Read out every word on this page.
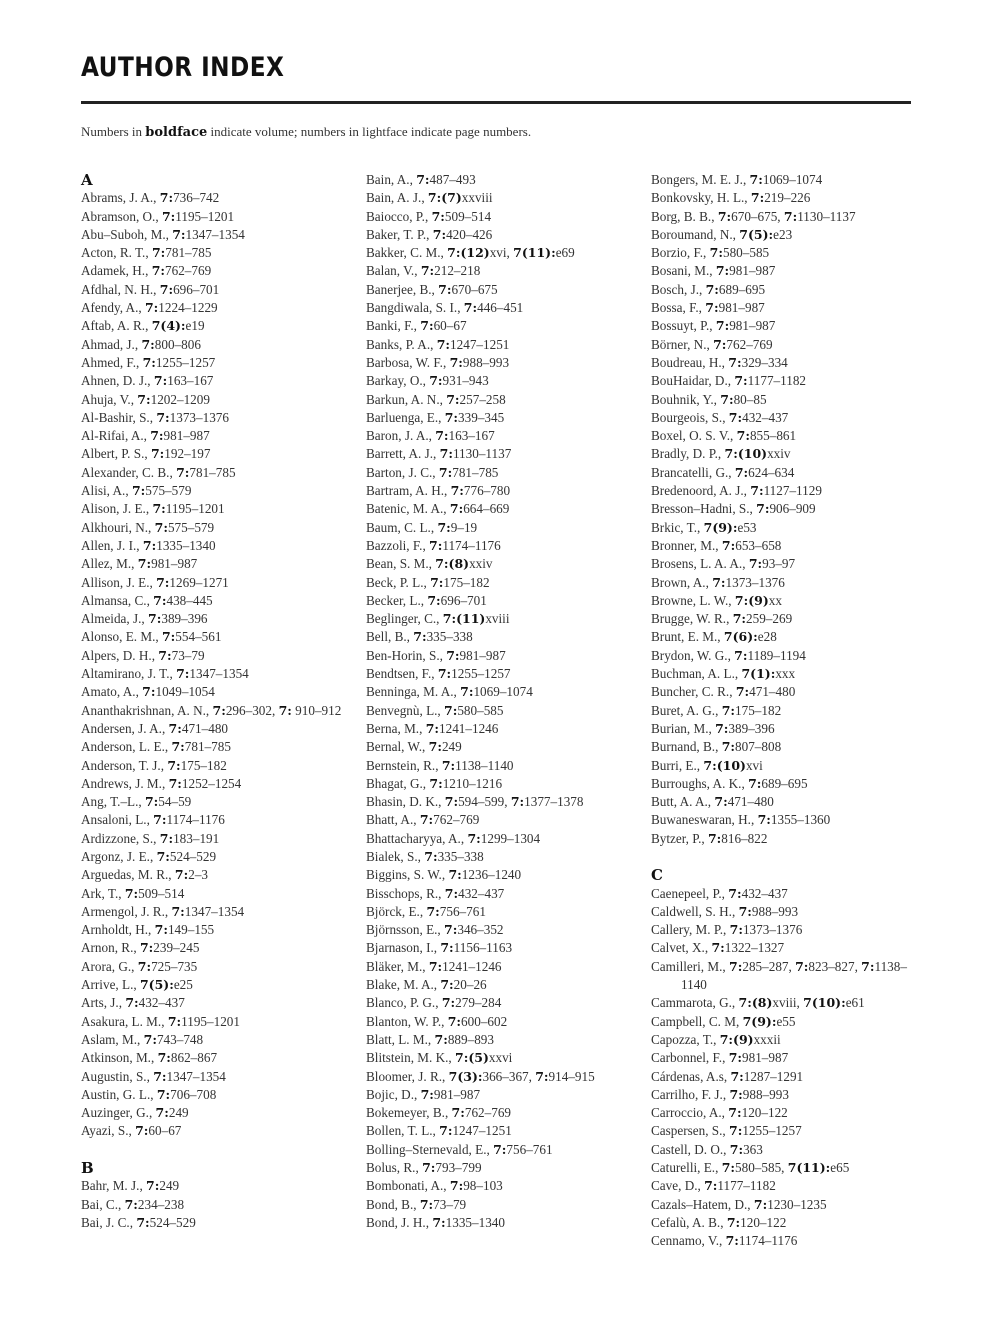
AUTHOR INDEX

Numbers in boldface indicate volume; numbers in lightface indicate page numbers.

A
Abrams, J. A., 7:736–742
Abramson, O., 7:1195–1201
Abu–Suboh, M., 7:1347–1354
Acton, R. T., 7:781–785
Adamek, H., 7:762–769
Afdhal, N. H., 7:696–701
Afendy, A., 7:1224–1229
Aftab, A. R., 7(4):e19
Ahmad, J., 7:800–806
Ahmed, F., 7:1255–1257
Ahnen, D. J., 7:163–167
Ahuja, V., 7:1202–1209
Al-Bashir, S., 7:1373–1376
Al-Rifai, A., 7:981–987
Albert, P. S., 7:192–197
Alexander, C. B., 7:781–785
Alisi, A., 7:575–579
Alison, J. E., 7:1195–1201
Alkhouri, N., 7:575–579
Allen, J. I., 7:1335–1340
Allez, M., 7:981–987
Allison, J. E., 7:1269–1271
Almansa, C., 7:438–445
Almeida, J., 7:389–396
Alonso, E. M., 7:554–561
Alpers, D. H., 7:73–79
Altamirano, J. T., 7:1347–1354
Amato, A., 7:1049–1054
Ananthakrishnan, A. N., 7:296–302, 7: 910–912
Andersen, J. A., 7:471–480
Anderson, L. E., 7:781–785
Anderson, T. J., 7:175–182
Andrews, J. M., 7:1252–1254
Ang, T.–L., 7:54–59
Ansaloni, L., 7:1174–1176
Ardizzone, S., 7:183–191
Argonz, J. E., 7:524–529
Arguedas, M. R., 7:2–3
Ark, T., 7:509–514
Armengol, J. R., 7:1347–1354
Arnholdt, H., 7:149–155
Arnon, R., 7:239–245
Arora, G., 7:725–735
Arrive, L., 7(5):e25
Arts, J., 7:432–437
Asakura, L. M., 7:1195–1201
Aslam, M., 7:743–748
Atkinson, M., 7:862–867
Augustin, S., 7:1347–1354
Austin, G. L., 7:706–708
Auzinger, G., 7:249
Ayazi, S., 7:60–67
B
Bahr, M. J., 7:249
Bai, C., 7:234–238
Bai, J. C., 7:524–529
Bain, A., 7:487–493
Bain, A. J., 7:(7)xxviii
Baiocco, P., 7:509–514
Baker, T. P., 7:420–426
Bakker, C. M., 7:(12)xvi, 7(11):e69
Balan, V., 7:212–218
Banerjee, B., 7:670–675
Bangdiwala, S. I., 7:446–451
Banki, F., 7:60–67
Banks, P. A., 7:1247–1251
Barbosa, W. F., 7:988–993
Barkay, O., 7:931–943
Barkun, A. N., 7:257–258
Barluenga, E., 7:339–345
Baron, J. A., 7:163–167
Barrett, A. J., 7:1130–1137
Barton, J. C., 7:781–785
Bartram, A. H., 7:776–780
Batenic, M. A., 7:664–669
Baum, C. L., 7:9–19
Bazzoli, F., 7:1174–1176
Bean, S. M., 7:(8)xxiv
Beck, P. L., 7:175–182
Becker, L., 7:696–701
Beglinger, C., 7:(11)xviii
Bell, B., 7:335–338
Ben-Horin, S., 7:981–987
Bendtsen, F., 7:1255–1257
Benninga, M. A., 7:1069–1074
Benvegnù, L., 7:580–585
Berna, M., 7:1241–1246
Bernal, W., 7:249
Bernstein, R., 7:1138–1140
Bhagat, G., 7:1210–1216
Bhasin, D. K., 7:594–599, 7:1377–1378
Bhatt, A., 7:762–769
Bhattacharyya, A., 7:1299–1304
Bialek, S., 7:335–338
Biggins, S. W., 7:1236–1240
Bisschops, R., 7:432–437
Björck, E., 7:756–761
Björnsson, E., 7:346–352
Bjarnason, I., 7:1156–1163
Bläker, M., 7:1241–1246
Blake, M. A., 7:20–26
Blanco, P. G., 7:279–284
Blanton, W. P., 7:600–602
Blatt, L. M., 7:889–893
Blitstein, M. K., 7:(5)xxvi
Bloomer, J. R., 7(3):366–367, 7:914–915
Bojic, D., 7:981–987
Bokemeyer, B., 7:762–769
Bollen, T. L., 7:1247–1251
Bolling–Sternevald, E., 7:756–761
Bolus, R., 7:793–799
Bombonati, A., 7:98–103
Bond, B., 7:73–79
Bond, J. H., 7:1335–1340
Bongers, M. E. J., 7:1069–1074
Bonkovsky, H. L., 7:219–226
Borg, B. B., 7:670–675, 7:1130–1137
Boroumand, N., 7(5):e23
Borzio, F., 7:580–585
Bosani, M., 7:981–987
Bosch, J., 7:689–695
Bossa, F., 7:981–987
Bossuyt, P., 7:981–987
Börner, N., 7:762–769
Boudreau, H., 7:329–334
BouHaidar, D., 7:1177–1182
Bouhnik, Y., 7:80–85
Bourgeois, S., 7:432–437
Boxel, O. S. V., 7:855–861
Bradly, D. P., 7:(10)xxiv
Brancatelli, G., 7:624–634
Bredenoord, A. J., 7:1127–1129
Bresson–Hadni, S., 7:906–909
Brkic, T., 7(9):e53
Bronner, M., 7:653–658
Brosens, L. A. A., 7:93–97
Brown, A., 7:1373–1376
Browne, L. W., 7:(9)xx
Brugge, W. R., 7:259–269
Brunt, E. M., 7(6):e28
Brydon, W. G., 7:1189–1194
Buchman, A. L., 7(1):xxx
Buncher, C. R., 7:471–480
Buret, A. G., 7:175–182
Burian, M., 7:389–396
Burnand, B., 7:807–808
Burri, E., 7:(10)xvi
Burroughs, A. K., 7:689–695
Butt, A. A., 7:471–480
Buwaneswaran, H., 7:1355–1360
Bytzer, P., 7:816–822
C
Caenepeel, P., 7:432–437
Caldwell, S. H., 7:988–993
Callery, M. P., 7:1373–1376
Calvet, X., 7:1322–1327
Camilleri, M., 7:285–287, 7:823–827, 7:1138–1140
Cammarota, G., 7:(8)xviii, 7(10):e61
Campbell, C. M, 7(9):e55
Capozza, T., 7:(9)xxxii
Carbonnel, F., 7:981–987
Cárdenas, A.s, 7:1287–1291
Carrilho, F. J., 7:988–993
Carroccio, A., 7:120–122
Caspersen, S., 7:1255–1257
Castell, D. O., 7:363
Caturelli, E., 7:580–585, 7(11):e65
Cave, D., 7:1177–1182
Cazals–Hatem, D., 7:1230–1235
Cefalù, A. B., 7:120–122
Cennamo, V., 7:1174–1176
